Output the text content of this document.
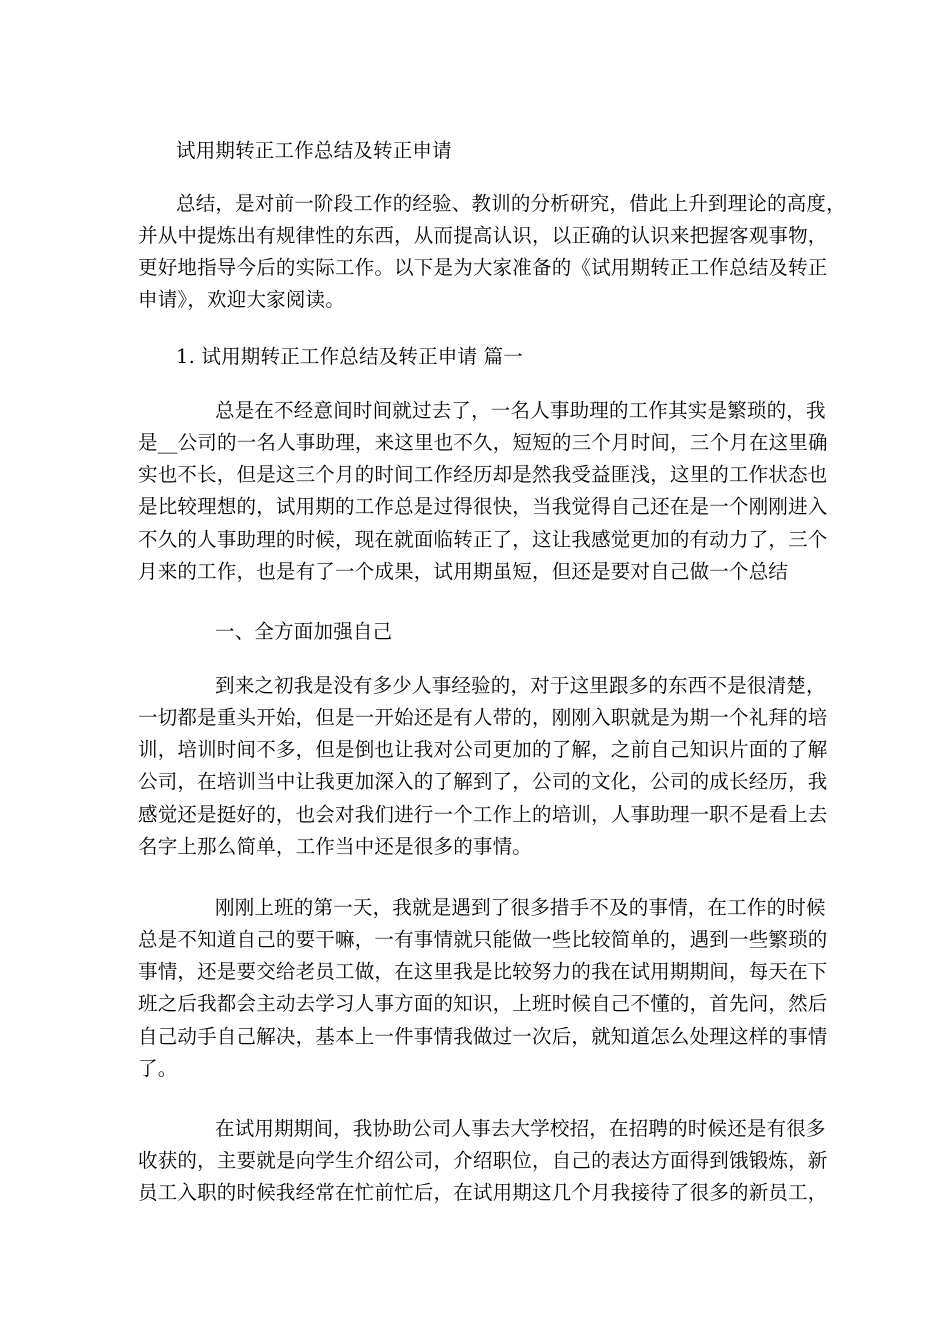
试用期转正工作总结及转正申请
总结，是对前一阶段工作的经验、教训的分析研究，借此上升到理论的高度，
并从中提炼出有规律性的东西，从而提高认识，以正确的认识来把握客观事物，
更好地指导今后的实际工作。以下是为大家准备的《试用期转正工作总结及转正
申请》，欢迎大家阅读。
1. 试用期转正工作总结及转正申请 篇一
总是在不经意间时间就过去了，一名人事助理的工作其实是繁琐的，我
是__公司的一名人事助理，来这里也不久，短短的三个月时间，三个月在这里确
实也不长，但是这三个月的时间工作经历却是然我受益匪浅，这里的工作状态也
是比较理想的，试用期的工作总是过得很快，当我觉得自己还在是一个刚刚进入
不久的人事助理的时候，现在就面临转正了，这让我感觉更加的有动力了，三个
月来的工作，也是有了一个成果，试用期虽短，但还是要对自己做一个总结
一、全方面加强自己
到来之初我是没有多少人事经验的，对于这里跟多的东西不是很清楚，
一切都是重头开始，但是一开始还是有人带的，刚刚入职就是为期一个礼拜的培
训，培训时间不多，但是倒也让我对公司更加的了解，之前自己知识片面的了解
公司，在培训当中让我更加深入的了解到了，公司的文化，公司的成长经历，我
感觉还是挺好的，也会对我们进行一个工作上的培训，人事助理一职不是看上去
名字上那么简单，工作当中还是很多的事情。
刚刚上班的第一天，我就是遇到了很多措手不及的事情，在工作的时候
总是不知道自己的要干嘛，一有事情就只能做一些比较简单的，遇到一些繁琐的
事情，还是要交给老员工做，在这里我是比较努力的我在试用期期间，每天在下
班之后我都会主动去学习人事方面的知识，上班时候自己不懂的，首先问，然后
自己动手自己解决，基本上一件事情我做过一次后，就知道怎么处理这样的事情
了。
在试用期期间，我协助公司人事去大学校招，在招聘的时候还是有很多
收获的，主要就是向学生介绍公司，介绍职位，自己的表达方面得到饿锻炼，新
员工入职的时候我经常在忙前忙后，在试用期这几个月我接待了很多的新员工，
